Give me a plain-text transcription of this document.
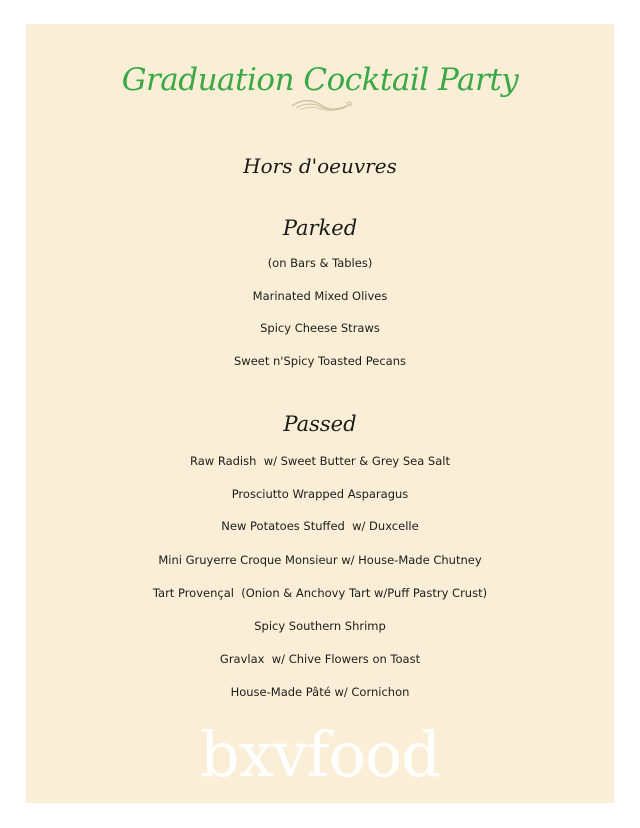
Graduation Cocktail Party
Hors d'oeuvres
Parked
(on Bars & Tables)
Marinated Mixed Olives
Spicy Cheese Straws
Sweet n'Spicy Toasted Pecans
Passed
Raw Radish  w/ Sweet Butter & Grey Sea Salt
Prosciutto Wrapped Asparagus
New Potatoes Stuffed  w/ Duxcelle
Mini Gruyerre Croque Monsieur w/ House-Made Chutney
Tart Provençal  (Onion & Anchovy Tart w/Puff Pastry Crust)
Spicy Southern Shrimp
Gravlax  w/ Chive Flowers on Toast
House-Made Pâté w/ Cornichon
bxvfood
